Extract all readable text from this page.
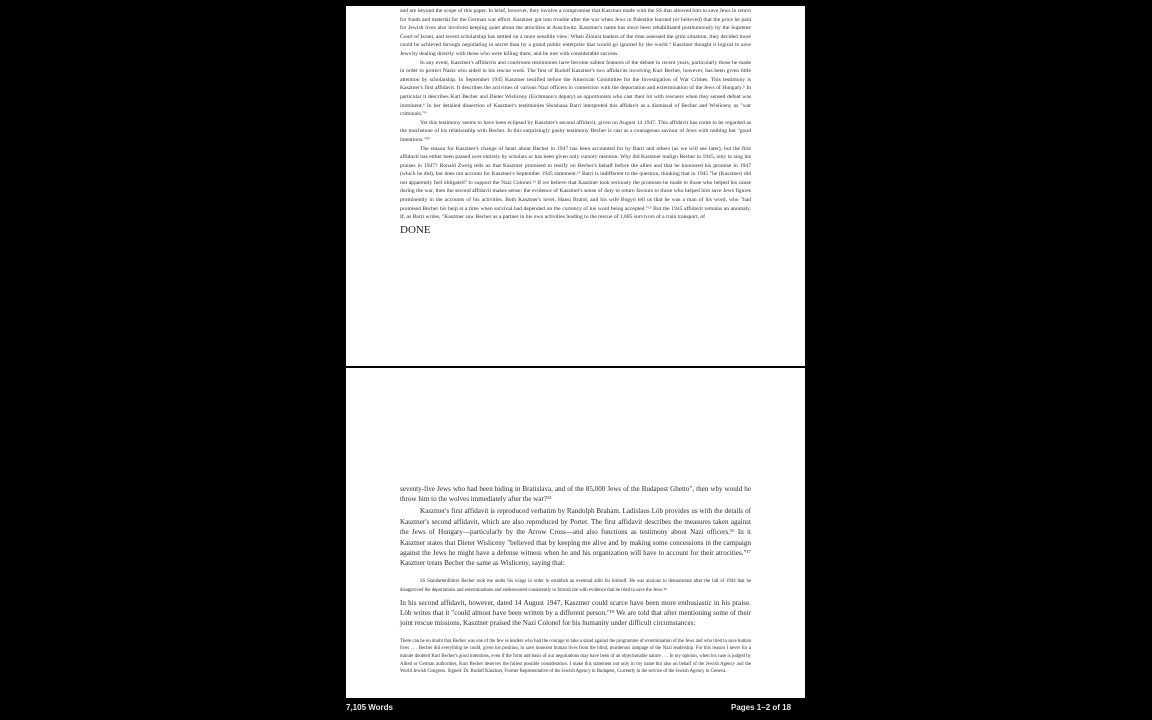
and are beyond the scope of this paper. In brief, however, they involve a compromise that Kasztner made with the SS that allowed him to save Jews in return for funds and material for the German war effort. Kasztner got into trouble after the war when Jews in Palestine learned (or believed) that the price he paid for Jewish lives also involved keeping quiet about the atrocities at Auschwitz. Kasztner's name has since been rehabilitated posthumously by the Supreme Court of Israel, and recent scholarship has settled on a more sensible view: When Zionist leaders of the time assessed the grim situation, they decided more could be achieved through negotiating in secret than by a grand public enterprise that would go ignored by the world.⁴ Kasztner thought it logical to save Jews by dealing directly with those who were killing them, and he met with considerable success.

In any event, Kasztner's affidavits and courtroom testimonies have become salient features of the debate in recent years, particularly those he made in order to protect Nazis who aided in his rescue work. The first of Rudolf Kasztner's two affidavits involving Kurt Becher, however, has been given little attention by scholarship. In September 1945 Kasztner testified before the American Committee for the Investigation of War Crimes. This testimony is Kasztner's first affidavit. It describes the activities of various Nazi officers in connection with the deportation and extermination of the Jews of Hungary.⁵ In particular it describes Kurt Becher and Dieter Wisliceny (Eichmann's deputy) as opportunists who cast their lot with rescuers when they sensed defeat was imminent.⁶ In her detailed dissection of Kasztner's testimonies Shoshana Barri interpreted this affidavit as a dismissal of Becher and Wisliceny as "war criminals."⁹

Yet this testimony seems to have been eclipsed by Kasztner's second affidavit, given on August 14 1947. This affidavit has come to be regarded as the touchstone of his relationship with Becher. In this surprisingly gushy testimony Becher is cast as a courageous saviour of Jews with nothing but "good intentions."¹⁰

The reason for Kasztner's change of heart about Becher in 1947 has been accounted for by Barri and others (as we will see later), but the first affidavit has either been passed over entirely by scholars or has been given only cursory mention. Why did Kasztner malign Becher in 1945, only to sing his praises in 1947? Ronald Zweig tells us that Kasztner promised to testify on Becher's behalf before the allies and that he honoured his promise in 1947 (which he did), but does not account for Kasztner's September 1945 statement.¹¹ Barri is indifferent to the question, thinking that in 1945 "he (Kasztner) did not apparently feel obligated" to support the Nazi Colonel.¹² If we believe that Kasztner took seriously the promises he made to those who helped his cause during the war, then the second affidavit makes sense: the evidence of Kasztner's sense of duty to return favours to those who helped him save Jews figures prominently in the accounts of his activities. Both Kasztner's lover, Hansi Brand, and his wife Bogyó tell us that he was a man of his word, who "had promised Becher his help at a time when survival had depended on the currency of his word being accepted."¹³ But the 1945 affidavit remains an anomaly. If, as Barri writes, "Kasztner saw Becher as a partner in his own activities leading to the rescue of 1,685 survivors of a train transport, of

DONE

seventy-five Jews who had been hiding in Bratislava, and of the 85,000 Jews of the Budapest Ghetto", then why would he throw him to the wolves immediately after the war?¹⁵

Kasztner's first affidavit is reproduced verbatim by Randolph Braham. Ladislaus Löb provides us with the details of Kasztner's second affidavit, which are also reproduced by Porter. The first affidavit describes the measures taken against the Jews of Hungary—particularly by the Arrow Cross—and also functions as testimony about Nazi officers.¹⁶ In it Kasztner states that Dieter Wisliceny "believed that by keeping me alive and by making some concessions in the campaign against the Jews he might have a defense witness when he and his organization will have to account for their atrocities."¹⁷ Kasztner treats Becher the same as Wisliceny, saying that:

SS Standartenführer Becher took me under his wings in order to establish an eventual alibi for himself. He was anxious to demonstrate after the fall of 1944 that he disapproved the deportations and exterminations and endeavoured consistently to furnish me with evidence that he tried to save the Jews.¹⁸

In his second affidavit, however, dated 14 August 1947, Kasztner could scarce have been more enthusiastic in his praise. Löb writes that it "could almost have been written by a different person."¹⁹ We are told that after mentioning some of their joint rescue missions, Kasztner praised the Nazi Colonel for his humanity under difficult circumstances:

There can be no doubt that Becher was one of the few ss leaders who had the courage to take a stand against the programme of extermination of the Jews and who tried to save human lives . . . Becher did everything he could, given his position, to save innocent human lives from the blind, murderous rampage of the Nazi leadership. For this reason I never for a minute doubted Kurt Becher's good intentions, even if the form and basis of our negotiations may have been of an objectionable nature . . . In my opinion, when his case is judged by Allied or German authorities, Kurt Becher deserves the fullest possible consideration. I make this statement not only in my name but also on behalf of the Jewish Agency and the World Jewish Congress. Signed: Dr. Rudolf Kasztner, Former Representative of the Jewish Agency in Budapest, Currently in the service of the Jewish Agency in Geneva.

7,105 Words	Pages 1–2 of 18
